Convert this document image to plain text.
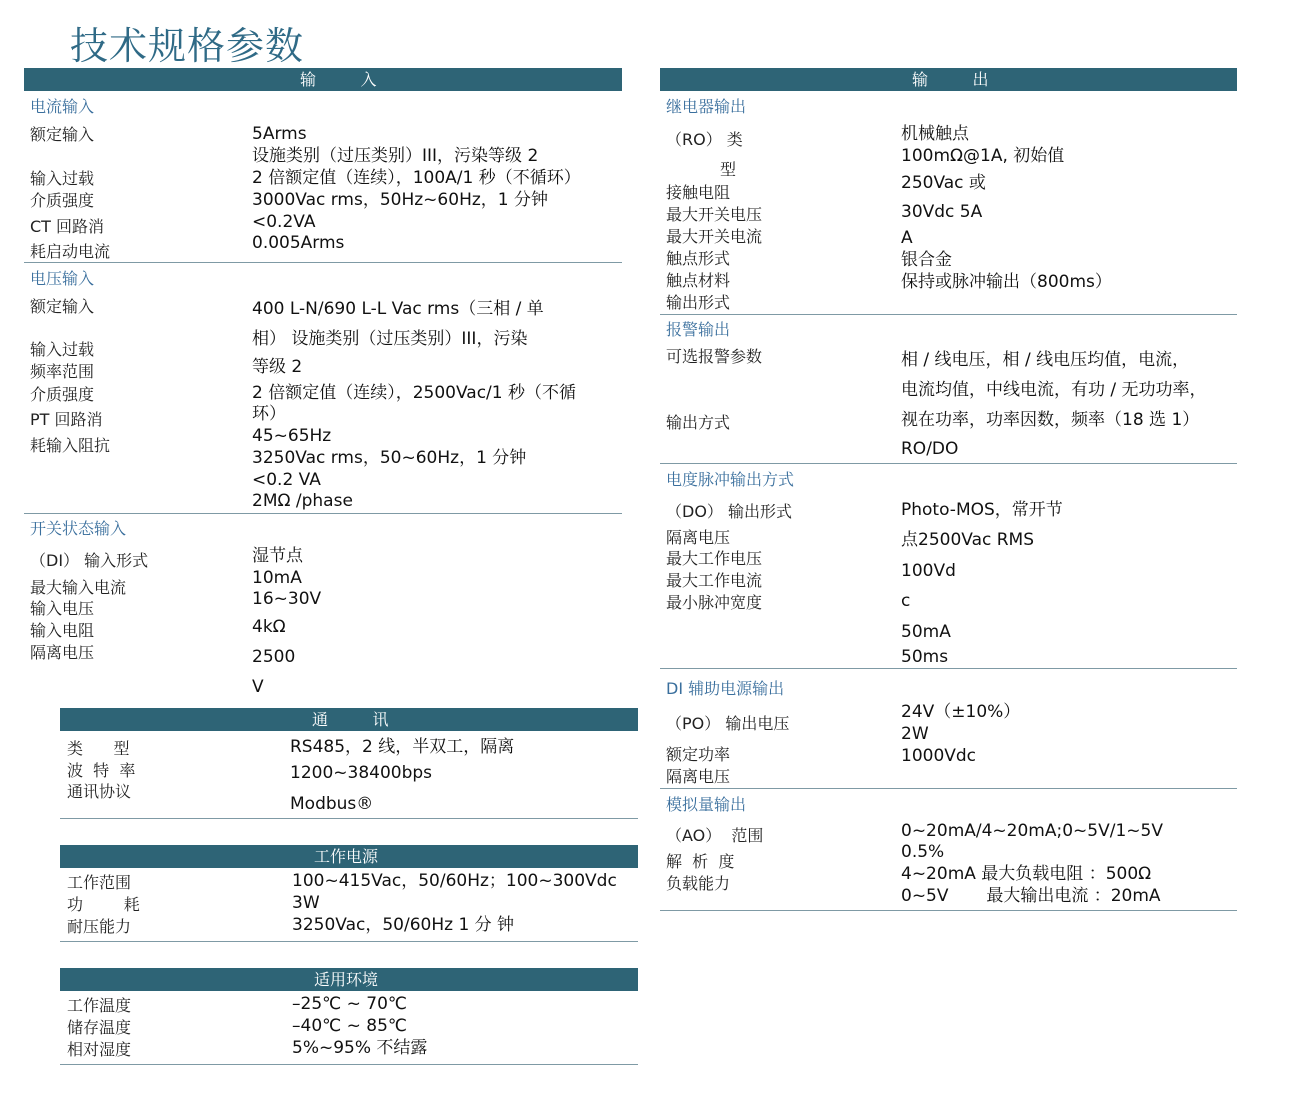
技术规格参数
输      入
电流输入
额定输入
输入过载
介质强度
CT 回路消
耗启动电流
5Arms
设施类别（过压类别）III，污染等级 2
2 倍额定值（连续），100A/1 秒（不循环）
3000Vac rms，50Hz~60Hz，1 分钟
<0.2VA
0.005Arms
电压输入
额定输入
输入过载
频率范围
介质强度
PT 回路消
耗输入阻抗
400 L-N/690 L-L Vac rms（三相 / 单
相） 设施类别（过压类别）III，污染
等级 2
2 倍额定值（连续），2500Vac/1 秒（不循
环）
45~65Hz
3250Vac rms，50~60Hz，1 分钟
<0.2 VA
2MΩ /phase
开关状态输入
（DI） 输入形式
最大输入电流
输入电压
输入电阻
隔离电压
湿节点
10mA
16~30V
4kΩ
2500
V
通      讯
类      型
波  特  率
通讯协议
RS485，2 线，半双工，隔离
1200~38400bps
Modbus®
工作电源
工作范围
功        耗
耐压能力
100~415Vac，50/60Hz；100~300Vdc
3W
3250Vac，50/60Hz 1 分 钟
适用环境
工作温度
储存温度
相对湿度
–25℃ ~ 70℃
–40℃ ~ 85℃
5%~95% 不结露
输      出
继电器输出
（RO） 类
型
接触电阻
最大开关电压
最大开关电流
触点形式
触点材料
输出形式
机械触点
100mΩ@1A, 初始值
250Vac 或
30Vdc 5A
A
银合金
保持或脉冲输出（800ms）
报警输出
可选报警参数
输出方式
相 / 线电压，相 / 线电压均值，电流，
电流均值，中线电流，有功 / 无功功率，
视在功率，功率因数，频率（18 选 1）
RO/DO
电度脉冲输出方式
（DO） 输出形式
隔离电压
最大工作电压
最大工作电流
最小脉冲宽度
Photo-MOS，常开节
点2500Vac RMS
100Vd
c
50mA
50ms
DI 辅助电源输出
（PO） 输出电压
额定功率
隔离电压
24V（±10%）
2W
1000Vdc
模拟量输出
（AO）  范围
解  析  度
负载能力
0~20mA/4~20mA;0~5V/1~5V
0.5%
4~20mA 最大负载电阻 ：500Ω
0~5V       最大输出电流 ：20mA
